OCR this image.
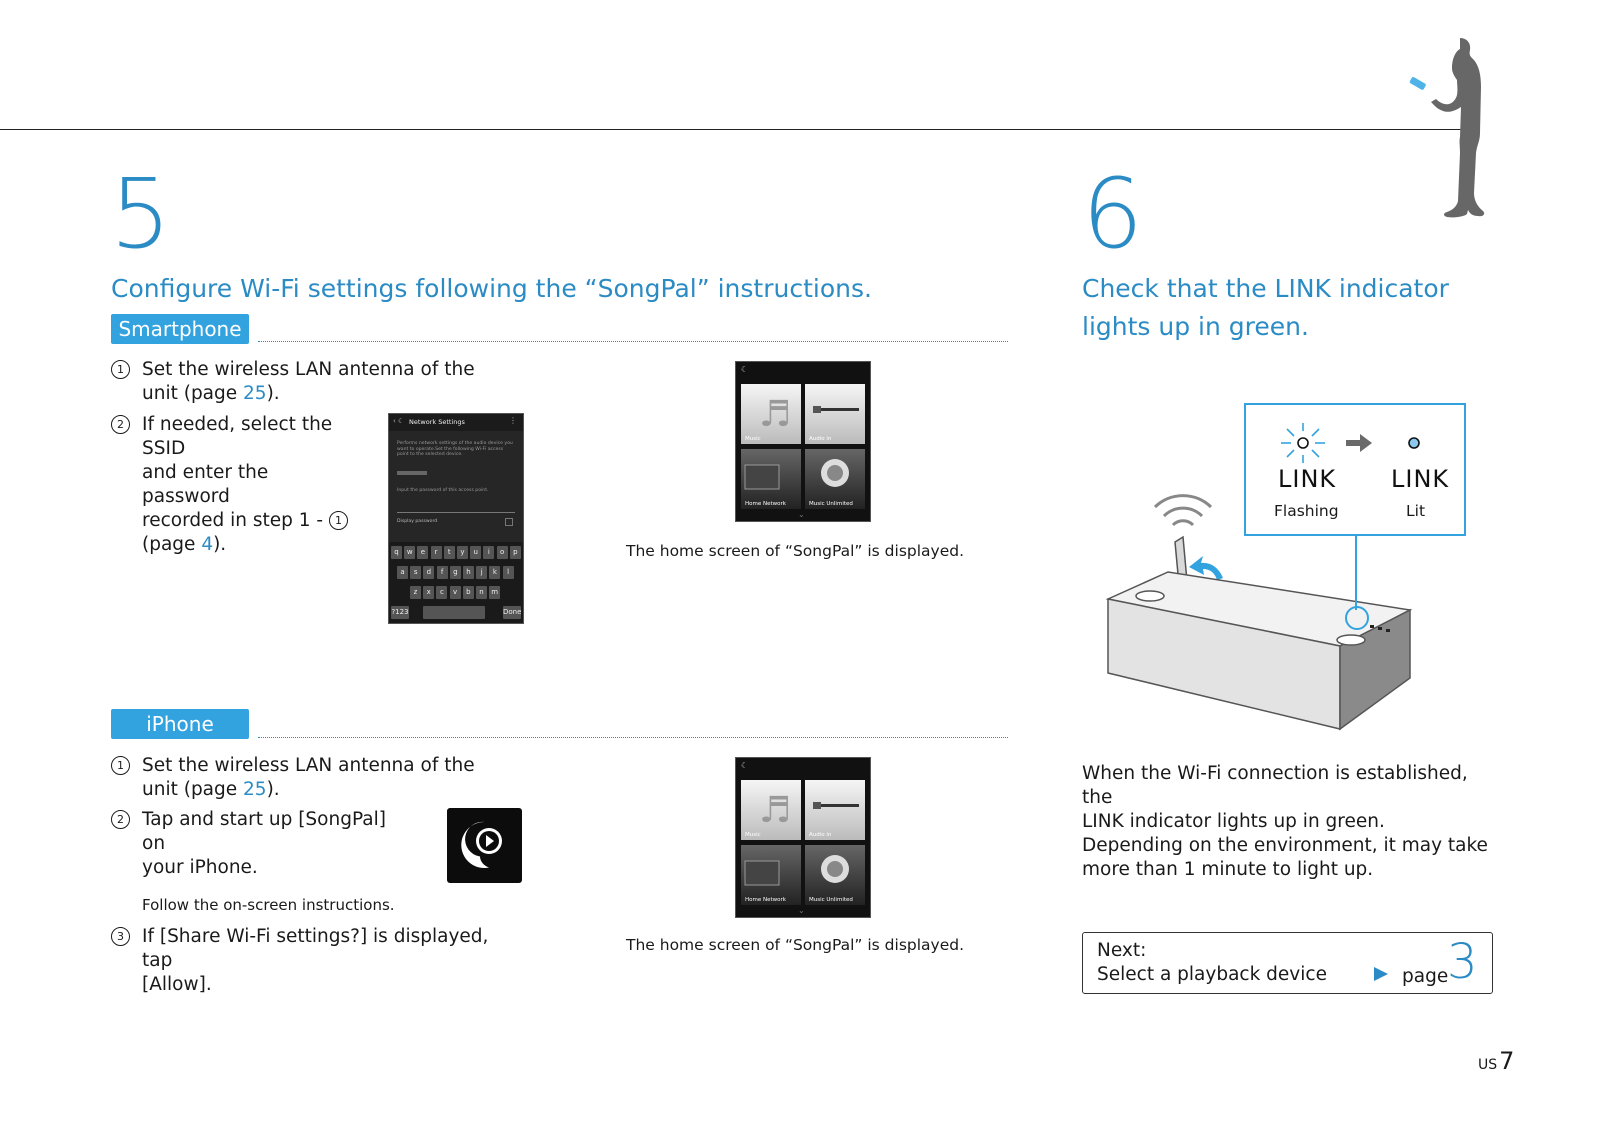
5
Configure Wi-Fi settings following the “SongPal” instructions.
Smartphone
1 Set the wireless LAN antenna of the unit (page 25).
2 If needed, select the SSID
and enter the password
recorded in step 1 - 1
(page 4).
‹ ☾ Network Settings	⋮
Performs network settings of the audio device you want to operate.Set the following Wi-Fi access point to the selected device.
Input the password of this access point.
Display password
q	w	e	r	t	y	u	i	o	p
a	s	d	f	g	h	j	k	l
z	x	c	v	b	n	m
?123	Done
☾
♬
Music	Audio in
Home Network	Music Unlimited
⌄
The home screen of “SongPal” is displayed.
iPhone
1 Set the wireless LAN antenna of the unit (page 25).
2 Tap and start up [SongPal] on
your iPhone.
Follow the on-screen instructions.
3 If [Share Wi-Fi settings?] is displayed, tap
[Allow].
☾
♬
Music	Audio in
Home Network	Music Unlimited
⌄
The home screen of “SongPal” is displayed.
6
Check that the LINK indicator
lights up in green.
LINK LINK
Flashing	Lit
When the Wi-Fi connection is established, the
LINK indicator lights up in green.
Depending on the environment, it may take
more than 1 minute to light up.
Next:
Select a playback device	page
3
US7
